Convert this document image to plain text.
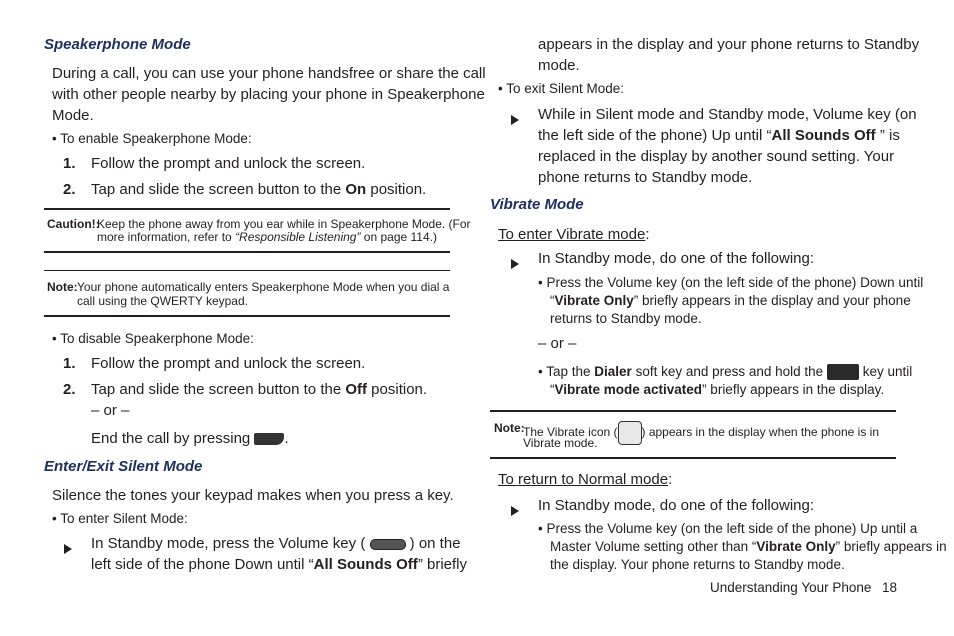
Speakerphone Mode
During a call, you can use your phone handsfree or share the call
with other people nearby by placing your phone in Speakerphone
Mode.
• To enable Speakerphone Mode:
1. Follow the prompt and unlock the screen.
2. Tap and slide the screen button to the On position.
Caution!:
Keep the phone away from you ear while in Speakerphone Mode. (For
more information, refer to “Responsible Listening” on page 114.)
Note: Your phone automatically enters Speakerphone Mode when you dial a
call using the QWERTY keypad.
• To disable Speakerphone Mode:
1. Follow the prompt and unlock the screen.
2. Tap and slide the screen button to the Off position.
– or –
End the call by pressing .
Enter/Exit Silent Mode
Silence the tones your keypad makes when you press a key.
• To enter Silent Mode:
In Standby mode, press the Volume key (	) on the
left side of the phone Down until “All Sounds Off” briefly
appears in the display and your phone returns to Standby
mode.
• To exit Silent Mode:
While in Silent mode and Standby mode, Volume key (on
the left side of the phone) Up until “All Sounds Off ” is
replaced in the display by another sound setting. Your
phone returns to Standby mode.
Vibrate Mode
To enter Vibrate mode:
In Standby mode, do one of the following:
• Press the Volume key (on the left side of the phone) Down until
“Vibrate Only” briefly appears in the display and your phone
returns to Standby mode.
– or –
• Tap the Dialer soft key and press and hold the	key until
“Vibrate mode activated” briefly appears in the display.
Note:
The Vibrate icon ( ) appears in the display when the phone is in
Vibrate mode.
To return to Normal mode:
In Standby mode, do one of the following:
• Press the Volume key (on the left side of the phone) Up until a
Master Volume setting other than “Vibrate Only” briefly appears in
the display. Your phone returns to Standby mode.
Understanding Your Phone 18
